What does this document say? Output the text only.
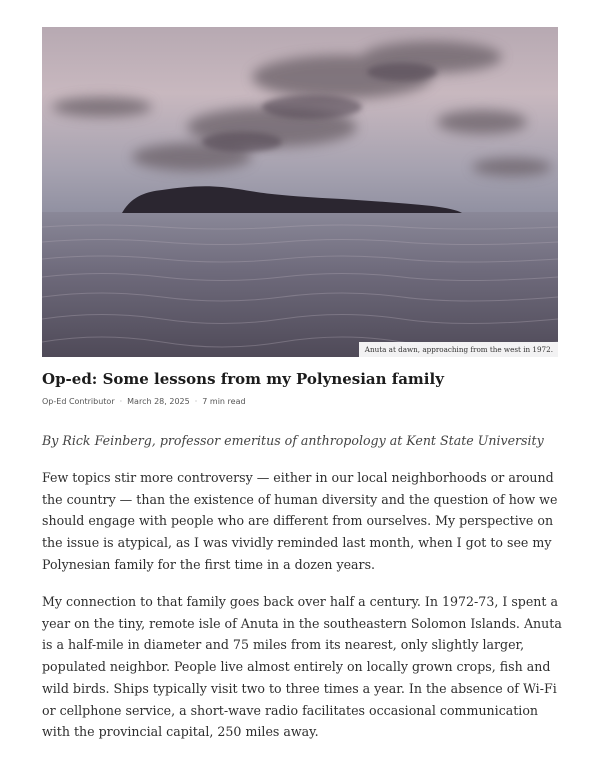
Anuta at dawn, approaching from the west in 1972.
Op-ed: Some lessons from my Polynesian family
Op-Ed Contributor · March 28, 2025 · 7 min read

By Rick Feinberg, professor emeritus of anthropology at Kent State University

Few topics stir more controversy — either in our local neighborhoods or around the country — than the existence of human diversity and the question of how we should engage with people who are different from ourselves. My perspective on the issue is atypical, as I was vividly reminded last month, when I got to see my Polynesian family for the first time in a dozen years.

My connection to that family goes back over half a century. In 1972-73, I spent a year on the tiny, remote isle of Anuta in the southeastern Solomon Islands. Anuta is a half-mile in diameter and 75 miles from its nearest, only slightly larger, populated neighbor. People live almost entirely on locally grown crops, fish and wild birds. Ships typically visit two to three times a year. In the absence of Wi-Fi or cellphone service, a short-wave radio facilitates occasional communication with the provincial capital, 250 miles away.
